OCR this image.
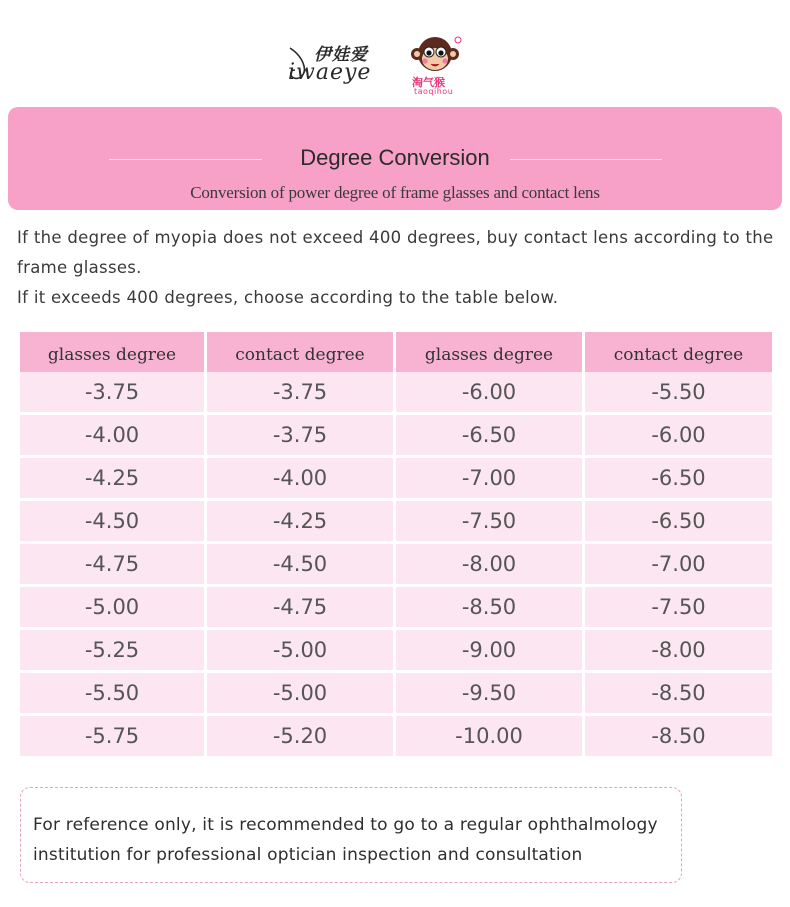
伊娃爱
iwaeye	淘气猴
taoqihou
Degree Conversion
Conversion of power degree of frame glasses and contact lens

If the degree of myopia does not exceed 400 degrees, buy contact lens according to the frame glasses.

If it exceeds 400 degrees, choose according to the table below.

glasses degree	contact degree	glasses degree	contact degree
-3.75	-3.75	-6.00	-5.50
-4.00	-3.75	-6.50	-6.00
-4.25	-4.00	-7.00	-6.50
-4.50	-4.25	-7.50	-6.50
-4.75	-4.50	-8.00	-7.00
-5.00	-4.75	-8.50	-7.50
-5.25	-5.00	-9.00	-8.00
-5.50	-5.00	-9.50	-8.50
-5.75	-5.20	-10.00	-8.50
For reference only, it is recommended to go to a regular ophthalmology institution for professional optician inspection and consultation
